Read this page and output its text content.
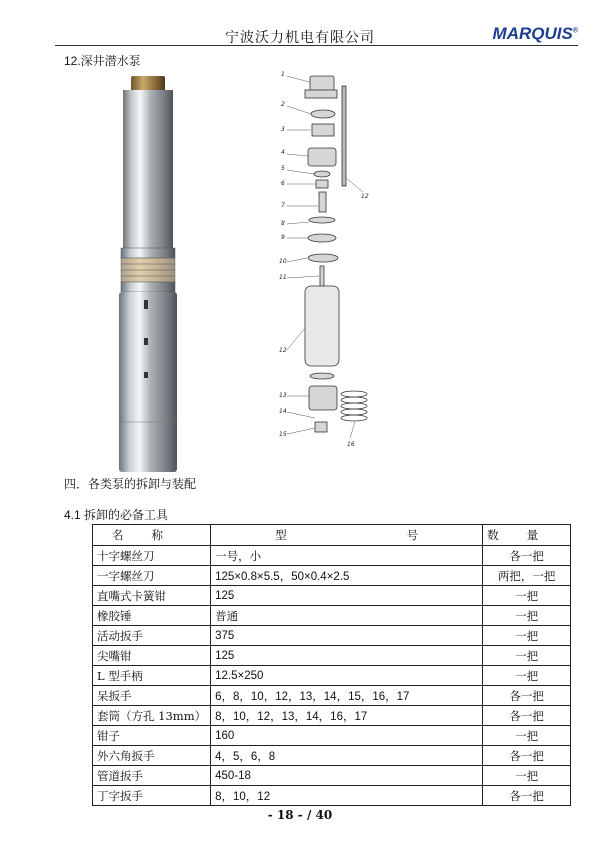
宁波沃力机电有限公司	MARQUIS®
12.深井潜水泵
1
2
3
4
5
6
7
8
9
10
11
12
13
14
15
16
12
四．各类泵的拆卸与装配
4.1 拆卸的必备工具
名称	型 号	数量
十字螺丝刀	一号，小	各一把
一字螺丝刀	125×0.8×5.5，50×0.4×2.5	两把，一把
直嘴式卡簧钳	125	一把
橡胶锤	普通	一把
活动扳手	375	一把
尖嘴钳	125	一把
L 型手柄	12.5×250	一把
呆扳手	6，8，10，12，13，14，15，16，17	各一把
套筒（方孔 13mm）	8，10，12，13，14，16，17	各一把
钳子	160	一把
外六角扳手	4，5，6，8	各一把
管道扳手	450-18	一把
丁字扳手	8，10，12	各一把
- 18 - / 40
